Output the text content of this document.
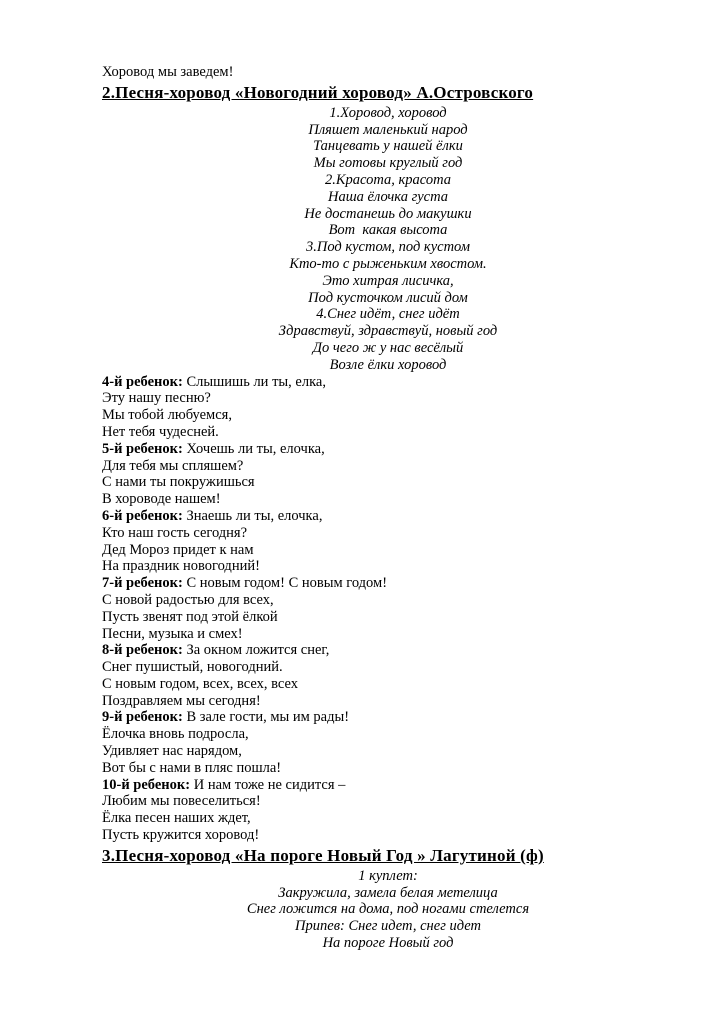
Хоровод мы заведем!

2.Песня-хоровод «Новогодний хоровод» А.Островского

1.Хоровод, хоровод

Пляшет маленький народ

Танцевать у нашей ёлки

Мы готовы круглый год

2.Красота, красота

Наша ёлочка густа

Не достанешь до макушки

Вот  какая высота

3.Под кустом, под кустом

Кто-то с рыженьким хвостом.

Это хитрая лисичка,

Под кусточком лисий дом

4.Снег идёт, снег идёт

Здравствуй, здравствуй, новый год

До чего ж у нас весёлый

Возле ёлки хоровод

4-й ребенок: Слышишь ли ты, елка,

Эту нашу песню?

Мы тобой любуемся,

Нет тебя чудесней.

5-й ребенок: Хочешь ли ты, елочка,

Для тебя мы спляшем?

С нами ты покружишься

В хороводе нашем!

6-й ребенок: Знаешь ли ты, елочка,

Кто наш гость сегодня?

Дед Мороз придет к нам

На праздник новогодний!

7-й ребенок: С новым годом! С новым годом!

С новой радостью для всех,

Пусть звенят под этой ёлкой

Песни, музыка и смех!

8-й ребенок: За окном ложится снег,

Снег пушистый, новогодний.

С новым годом, всех, всех, всех

Поздравляем мы сегодня!

9-й ребенок: В зале гости, мы им рады!

Ёлочка вновь подросла,

Удивляет нас нарядом,

Вот бы с нами в пляс пошла!

10-й ребенок: И нам тоже не сидится –

Любим мы повеселиться!

Ёлка песен наших ждет,

Пусть кружится хоровод!

3.Песня-хоровод «На пороге Новый Год » Лагутиной (ф)

1 куплет:

Закружила, замела белая метелица

Снег ложится на дома, под ногами стелется

Припев: Снег идет, снег идет

На пороге Новый год
